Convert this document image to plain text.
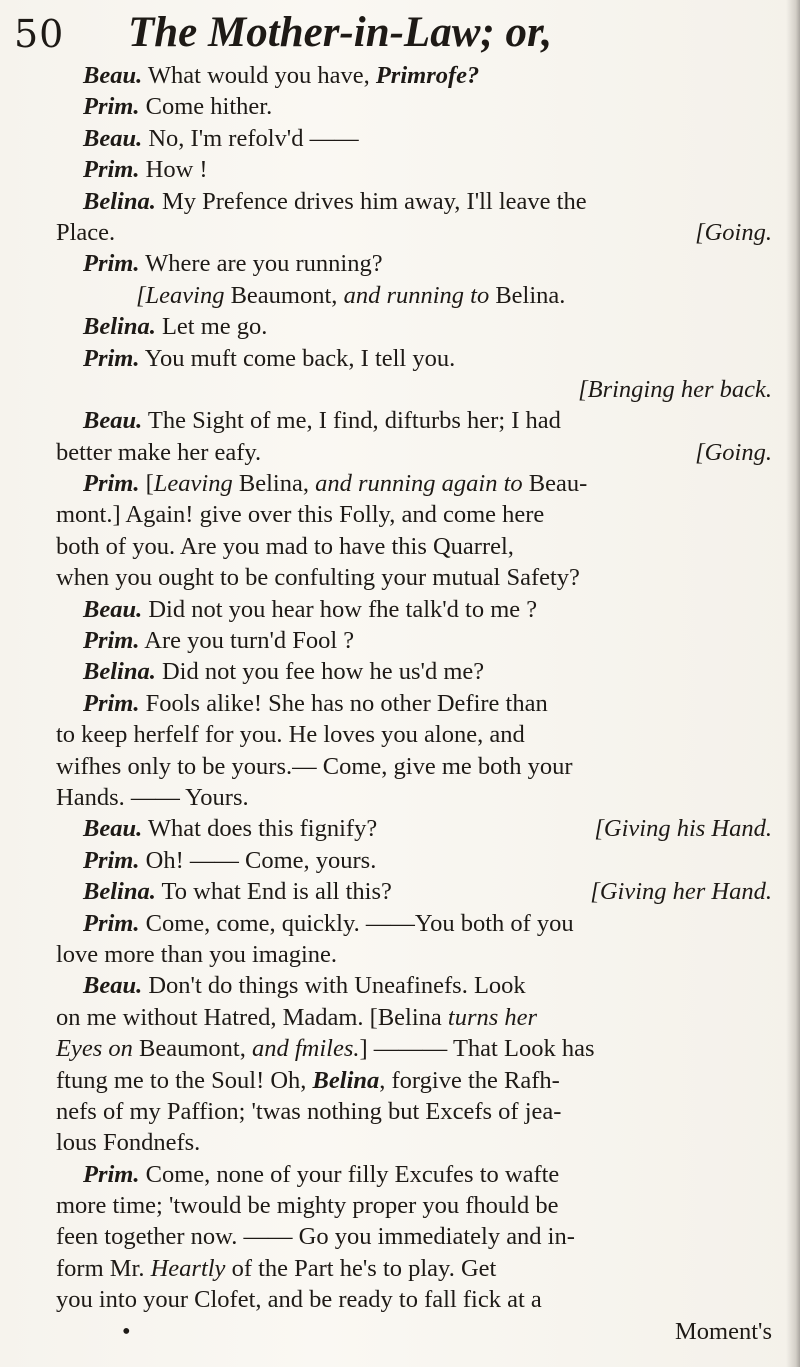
50 The Mother-in-Law; or,
Beau. What would you have, Primrofe?
Prim. Come hither.
Beau. No, I'm refolv'd ——
Prim. How !
Belina. My Prefence drives him away, I'll leave the
Place.	[Going.
Prim. Where are you running?
[Leaving Beaumont, and running to Belina.
Belina. Let me go.
Prim. You muft come back, I tell you.
[Bringing her back.
Beau. The Sight of me, I find, difturbs her; I had
better make her eafy.	[Going.
Prim. [Leaving Belina, and running again to Beau-
mont.] Again! give over this Folly, and come here
both of you. Are you mad to have this Quarrel,
when you ought to be confulting your mutual Safety?
Beau. Did not you hear how fhe talk'd to me ?
Prim. Are you turn'd Fool ?
Belina. Did not you fee how he us'd me?
Prim. Fools alike! She has no other Defire than
to keep herfelf for you. He loves you alone, and
wifhes only to be yours.— Come, give me both your
Hands. —— Yours.
Beau. What does this fignify?	[Giving his Hand.
Prim. Oh! —— Come, yours.
Belina. To what End is all this?	[Giving her Hand.
Prim. Come, come, quickly. ——You both of you
love more than you imagine.
Beau. Don't do things with Uneafinefs. Look
on me without Hatred, Madam. [Belina turns her
Eyes on Beaumont, and fmiles.] ——— That Look has
ftung me to the Soul! Oh, Belina, forgive the Rafh-
nefs of my Paffion; 'twas nothing but Excefs of jea-
lous Fondnefs.
Prim. Come, none of your filly Excufes to wafte
more time; 'twould be mighty proper you fhould be
feen together now. —— Go you immediately and in-
form Mr. Heartly of the Part he's to play. Get
you into your Clofet, and be ready to fall fick at a
•	Moment's
